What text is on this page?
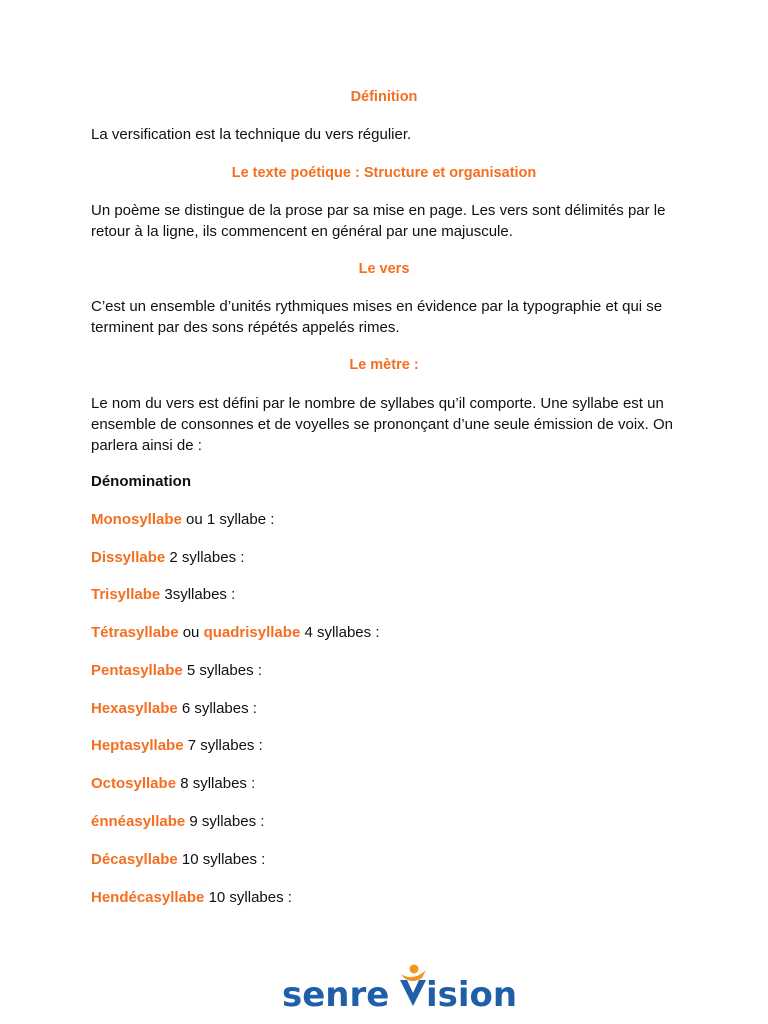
Définition

La versification est la technique du vers régulier.

Le texte poétique : Structure et organisation

Un poème se distingue de la prose par sa mise en page. Les vers sont délimités par le retour à la ligne, ils commencent en général par une majuscule.

Le vers

C’est un ensemble d’unités rythmiques mises en évidence par la typographie et qui se terminent par des sons répétés appelés rimes.

Le mètre :

Le nom du vers est défini par le nombre de syllabes qu’il comporte. Une syllabe est un ensemble de consonnes et de voyelles se prononçant d’une seule émission de voix. On parlera ainsi de :

Dénomination
Monosyllabe ou 1 syllabe :
Dissyllabe 2 syllabes :
Trisyllabe 3syllabes :
Tétrasyllabe ou quadrisyllabe 4 syllabes :
Pentasyllabe 5 syllabes :
Hexasyllabe 6 syllabes :
Heptasyllabe 7 syllabes :
Octosyllabe 8 syllabes :
énnéasyllabe 9 syllabes :
Décasyllabe 10 syllabes :
Hendécasyllabe 10 syllabes :
senre ision
